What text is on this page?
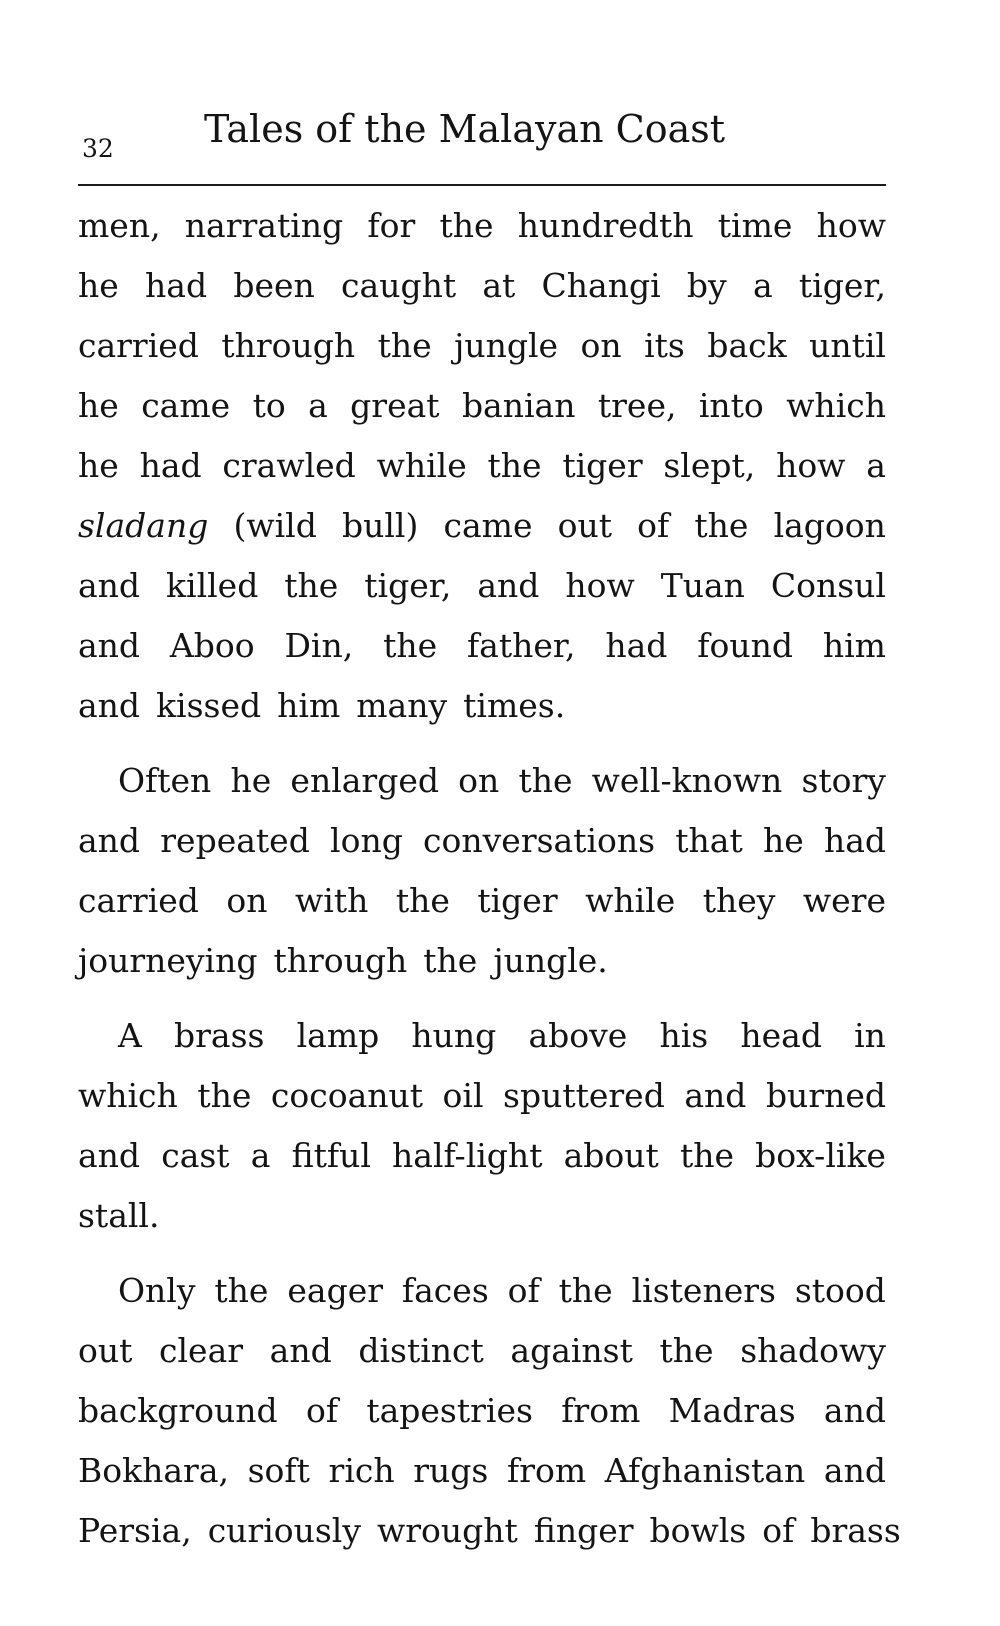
32 Tales of the Malayan Coast
men, narrating for the hundredth time how
he had been caught at Changi by a tiger,
carried through the jungle on its back until
he came to a great banian tree, into which
he had crawled while the tiger slept, how a
sladang (wild bull) came out of the lagoon
and killed the tiger, and how Tuan Consul
and Aboo Din, the father, had found him
and kissed him many times.
Often he enlarged on the well-known story
and repeated long conversations that he had
carried on with the tiger while they were
journeying through the jungle.
A brass lamp hung above his head in
which the cocoanut oil sputtered and burned
and cast a fitful half-light about the box-like
stall.
Only the eager faces of the listeners stood
out clear and distinct against the shadowy
background of tapestries from Madras and
Bokhara, soft rich rugs from Afghanistan and
Persia, curiously wrought finger bowls of brass
